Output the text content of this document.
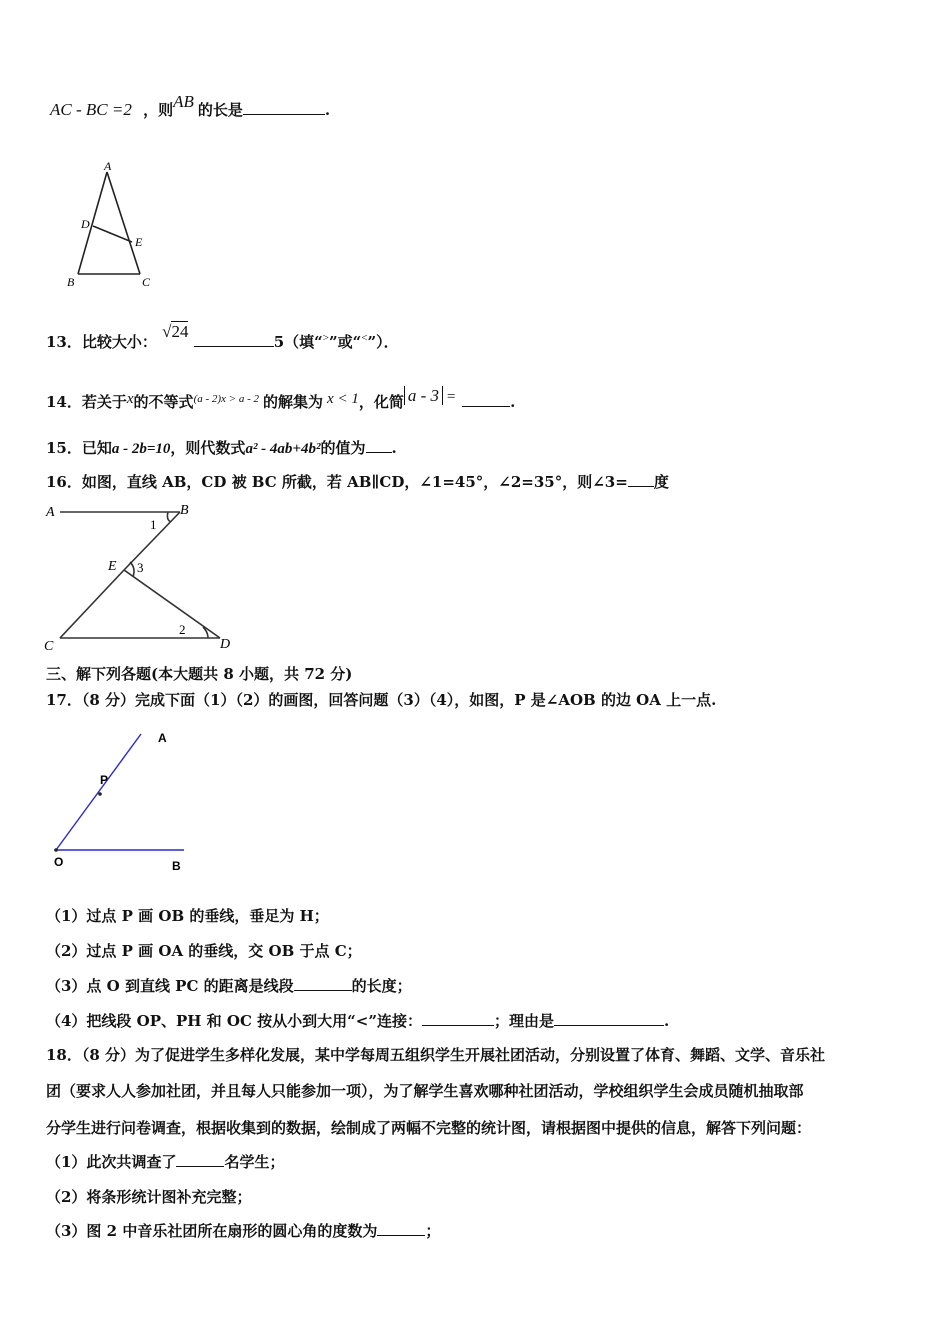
AC - BC =2 ，则AB 的长是	.
A
D
E
B	C
13．比较大小： √24 5（填“>”或“<”）．
14．若关于x的不等式$^{(a - 2)x > a - 2}$ 的解集为 x < 1，化简 a - 3 =	.
15．已知a - 2b=10，则代数式a² - 4ab+4b²的值为 .
16．如图，直线 AB，CD 被 BC 所截，若 AB∥CD，∠1=45°，∠2=35°，则∠3= 度
A	B
1
E 3
2
C	D
三、解下列各题(本大题共 8 小题，共 72 分)
17．（8 分）完成下面（1）（2）的画图，回答问题（3）（4），如图，P 是∠AOB 的边 OA 上一点.
A
P
O	B
（1）过点 P 画 OB 的垂线，垂足为 H；
（2）过点 P 画 OA 的垂线，交 OB 于点 C；
（3）点 O 到直线 PC 的距离是线段	的长度；
（4）把线段 OP、PH 和 OC 按从小到大用“<”连接：	；理由是	.
18．（8 分）为了促进学生多样化发展，某中学每周五组织学生开展社团活动，分别设置了体育、舞蹈、文学、音乐社
团（要求人人参加社团，并且每人只能参加一项），为了解学生喜欢哪种社团活动，学校组织学生会成员随机抽取部
分学生进行问卷调查，根据收集到的数据，绘制成了两幅不完整的统计图，请根据图中提供的信息，解答下列问题：
（1）此次共调查了	名学生；
（2）将条形统计图补充完整；
（3）图 2 中音乐社团所在扇形的圆心角的度数为	；
